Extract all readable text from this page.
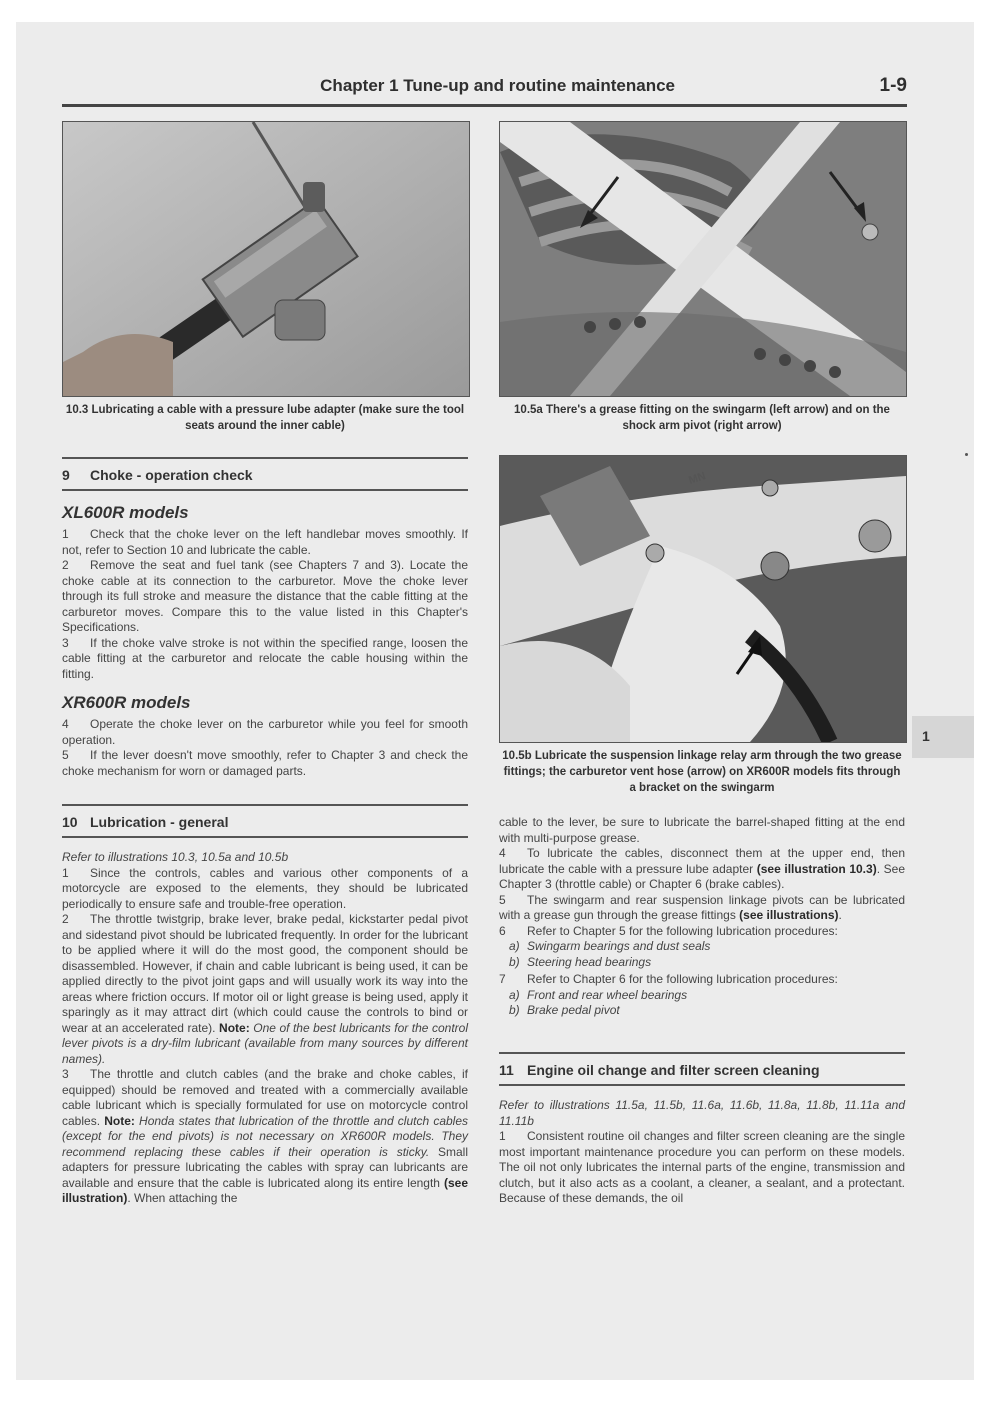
Chapter 1 Tune-up and routine maintenance	1-9
10.3 Lubricating a cable with a pressure lube adapter (make sure the tool seats around the inner cable)
10.5a There's a grease fitting on the swingarm (left arrow) and on the shock arm pivot (right arrow)
MN
10.5b Lubricate the suspension linkage relay arm through the two grease fittings; the carburetor vent hose (arrow) on XR600R models fits through a bracket on the swingarm
9 Choke - operation check
XL600R models

1 Check that the choke lever on the left handlebar moves smoothly. If not, refer to Section 10 and lubricate the cable.

2 Remove the seat and fuel tank (see Chapters 7 and 3). Locate the choke cable at its connection to the carburetor. Move the choke lever through its full stroke and measure the distance that the cable fitting at the carburetor moves. Compare this to the value listed in this Chapter's Specifications.

3 If the choke valve stroke is not within the specified range, loosen the cable fitting at the carburetor and relocate the cable housing within the fitting.

XR600R models

4 Operate the choke lever on the carburetor while you feel for smooth operation.

5 If the lever doesn't move smoothly, refer to Chapter 3 and check the choke mechanism for worn or damaged parts.

10 Lubrication - general

Refer to illustrations 10.3, 10.5a and 10.5b

1 Since the controls, cables and various other components of a motorcycle are exposed to the elements, they should be lubricated periodically to ensure safe and trouble-free operation.

2 The throttle twistgrip, brake lever, brake pedal, kickstarter pedal pivot and sidestand pivot should be lubricated frequently. In order for the lubricant to be applied where it will do the most good, the component should be disassembled. However, if chain and cable lubricant is being used, it can be applied directly to the pivot joint gaps and will usually work its way into the areas where friction occurs. If motor oil or light grease is being used, apply it sparingly as it may attract dirt (which could cause the controls to bind or wear at an accelerated rate). Note: One of the best lubricants for the control lever pivots is a dry-film lubricant (available from many sources by different names).

3 The throttle and clutch cables (and the brake and choke cables, if equipped) should be removed and treated with a commercially available cable lubricant which is specially formulated for use on motorcycle control cables. Note: Honda states that lubrication of the throttle and clutch cables (except for the end pivots) is not necessary on XR600R models. They recommend replacing these cables if their operation is sticky. Small adapters for pressure lubricating the cables with spray can lubricants are available and ensure that the cable is lubricated along its entire length (see illustration). When attaching the

cable to the lever, be sure to lubricate the barrel-shaped fitting at the end with multi-purpose grease.

4 To lubricate the cables, disconnect them at the upper end, then lubricate the cable with a pressure lube adapter (see illustration 10.3). See Chapter 3 (throttle cable) or Chapter 6 (brake cables).

5 The swingarm and rear suspension linkage pivots can be lubricated with a grease gun through the grease fittings (see illustrations).

6 Refer to Chapter 5 for the following lubrication procedures:

a) Swingarm bearings and dust seals

b) Steering head bearings

7 Refer to Chapter 6 for the following lubrication procedures:

a) Front and rear wheel bearings

b) Brake pedal pivot

11 Engine oil change and filter screen cleaning

Refer to illustrations 11.5a, 11.5b, 11.6a, 11.6b, 11.8a, 11.8b, 11.11a and 11.11b

1 Consistent routine oil changes and filter screen cleaning are the single most important maintenance procedure you can perform on these models. The oil not only lubricates the internal parts of the engine, transmission and clutch, but it also acts as a coolant, a cleaner, a sealant, and a protectant. Because of these demands, the oil

1
